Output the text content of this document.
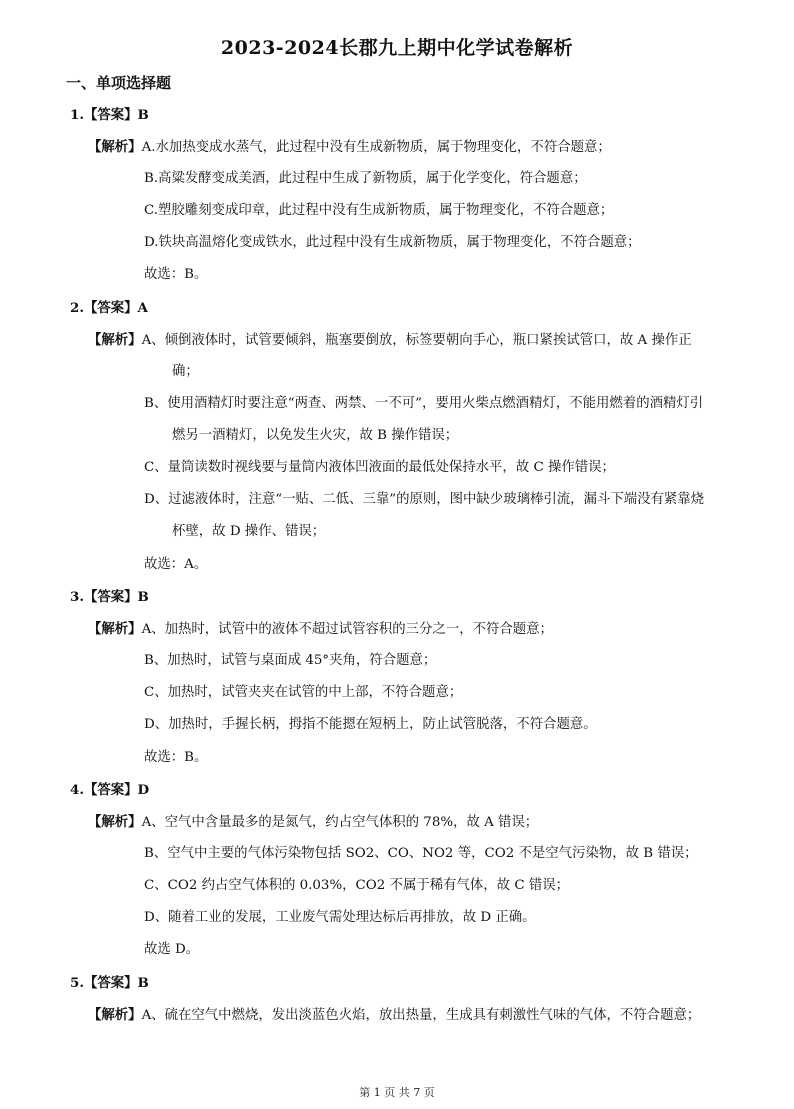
2023-2024长郡九上期中化学试卷解析
一、单项选择题
1.【答案】B
【解析】A.水加热变成水蒸气，此过程中没有生成新物质，属于物理变化，不符合题意；
B.高粱发酵变成美酒，此过程中生成了新物质，属于化学变化，符合题意；
C.塑胶雕刻变成印章，此过程中没有生成新物质，属于物理变化，不符合题意；
D.铁块高温熔化变成铁水，此过程中没有生成新物质，属于物理变化，不符合题意；
故选：B。
2.【答案】A
【解析】A、倾倒液体时，试管要倾斜，瓶塞要倒放，标签要朝向手心，瓶口紧挨试管口，故 A 操作正
确；
B、使用酒精灯时要注意“两查、两禁、一不可”，要用火柴点燃酒精灯，不能用燃着的酒精灯引
燃另一酒精灯，以免发生火灾，故 B 操作错误；
C、量筒读数时视线要与量筒内液体凹液面的最低处保持水平，故 C 操作错误；
D、过滤液体时，注意“一贴、二低、三靠”的原则，图中缺少玻璃棒引流，漏斗下端没有紧靠烧
杯壁，故 D 操作、错误；
故选：A。
3.【答案】B
【解析】A、加热时，试管中的液体不超过试管容积的三分之一，不符合题意；
B、加热时，试管与桌面成 45°夹角，符合题意；
C、加热时，试管夹夹在试管的中上部，不符合题意；
D、加热时，手握长柄，拇指不能摁在短柄上，防止试管脱落，不符合题意。
故选：B。
4.【答案】D
【解析】A、空气中含量最多的是氮气，约占空气体积的 78%，故 A 错误；
B、空气中主要的气体污染物包括 SO2、CO、NO2 等，CO2 不是空气污染物，故 B 错误；
C、CO2 约占空气体积的 0.03%，CO2 不属于稀有气体，故 C 错误；
D、随着工业的发展，工业废气需处理达标后再排放，故 D 正确。
故选 D。
5.【答案】B
【解析】A、硫在空气中燃烧，发出淡蓝色火焰，放出热量，生成具有刺激性气味的气体，不符合题意；
第 1 页 共 7 页
